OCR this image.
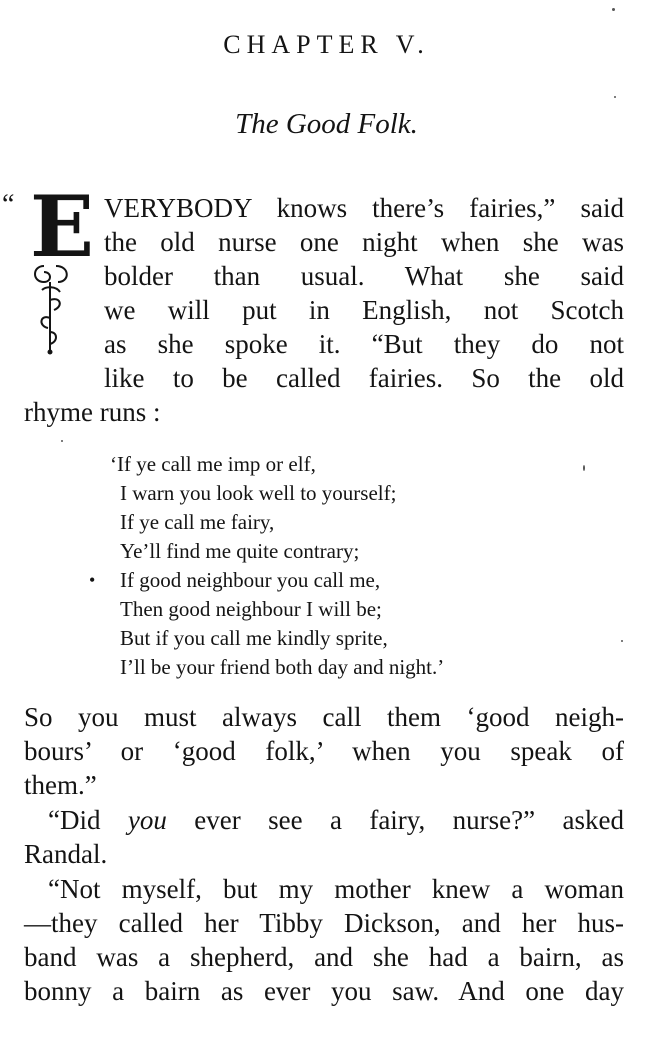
CHAPTER V.
The Good Folk.
“ E VERYBODY knows there’s fairies,” said
the old nurse one night when she was
bolder than usual. What she said
we will put in English, not Scotch
as she spoke it. “But they do not
like to be called fairies. So the old
rhyme runs :
‘If ye call me imp or elf,
I warn you look well to yourself;
If ye call me fairy,
Ye’ll find me quite contrary;
• If good neighbour you call me,
Then good neighbour I will be;
But if you call me kindly sprite,
I’ll be your friend both day and night.’
So you must always call them ‘good neigh-
bours’ or ‘good folk,’ when you speak of
them.”
“Did you ever see a fairy, nurse?” asked
Randal.
“Not myself, but my mother knew a woman
—they called her Tibby Dickson, and her hus-
band was a shepherd, and she had a bairn, as
bonny a bairn as ever you saw. And one day
